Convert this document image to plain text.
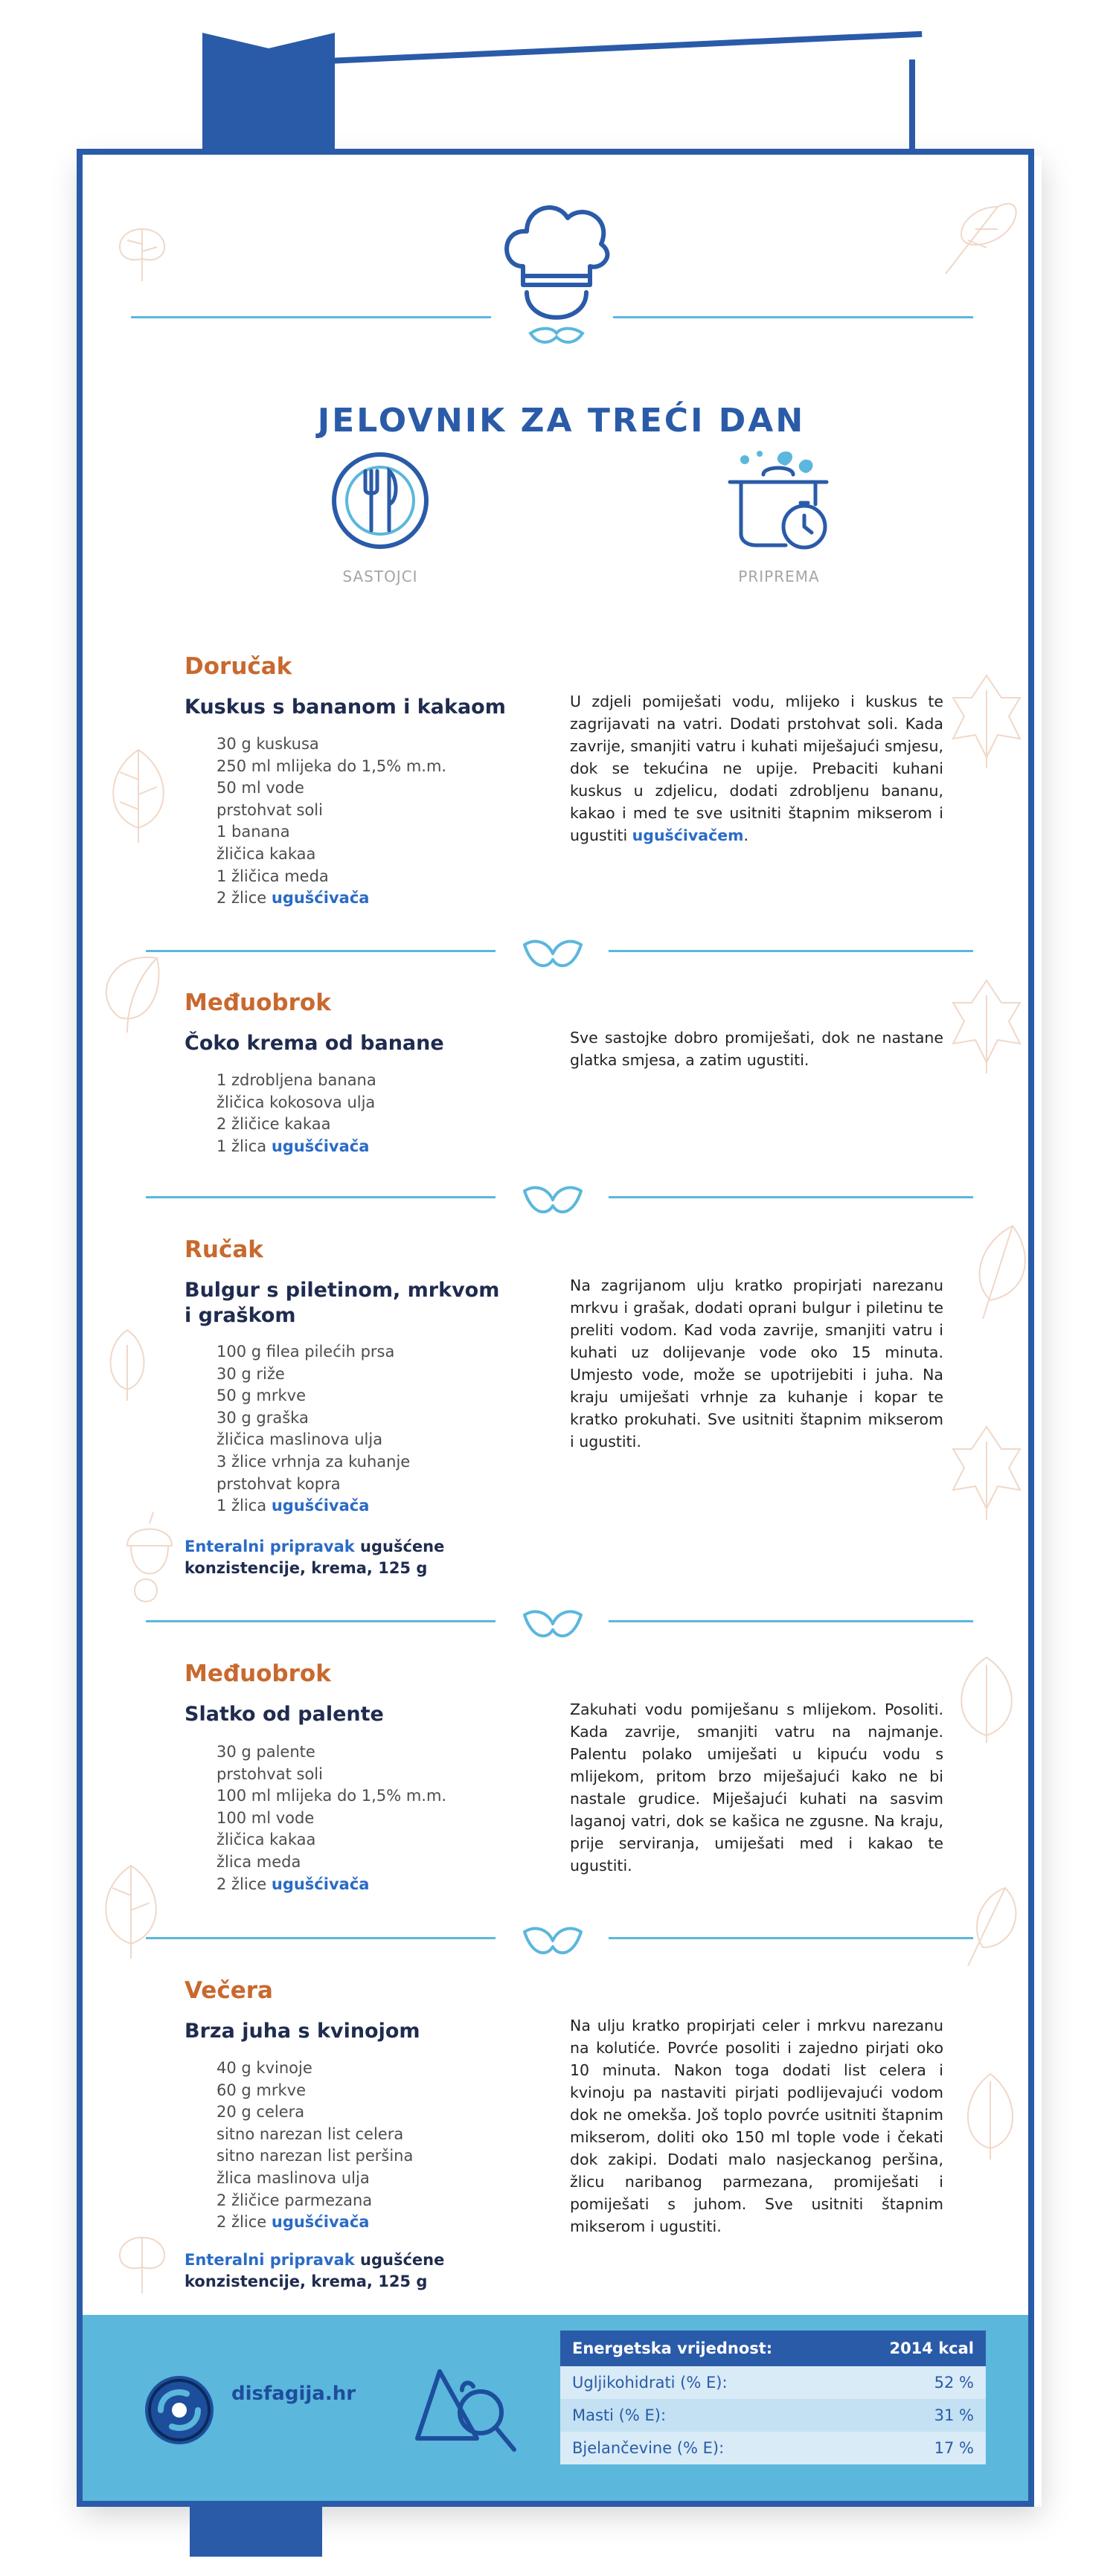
JELOVNIK ZA TREĆI DAN
SASTOJCI	PRIPREMA
Doručak
Kuskus s bananom i kakaom
30 g kuskusa
250 ml mlijeka do 1,5% m.m.
50 ml vode
prstohvat soli
1 banana
žličica kakaa
1 žličica meda
2 žlice ugušćivača
U zdjeli pomiješati vodu, mlijeko i kuskus te zagrijavati na vatri. Dodati prstohvat soli. Kada zavrije, smanjiti vatru i kuhati miješajući smjesu, dok se tekućina ne upije. Prebaciti kuhani kuskus u zdjelicu, dodati zdrobljenu bananu, kakao i med te sve usitniti štapnim mikserom i ugustiti ugušćivačem.
Međuobrok
Čoko krema od banane
1 zdrobljena banana
žličica kokosova ulja
2 žličice kakaa
1 žlica ugušćivača
Sve sastojke dobro promiješati, dok ne nastane glatka smjesa, a zatim ugustiti.
Ručak
Bulgur s piletinom, mrkvom i graškom
100 g filea pilećih prsa
30 g riže
50 g mrkve
30 g graška
žličica maslinova ulja
3 žlice vrhnja za kuhanje
prstohvat kopra
1 žlica ugušćivača
Enteralni pripravak ugušćene konzistencije, krema, 125 g
Na zagrijanom ulju kratko propirjati narezanu mrkvu i grašak, dodati oprani bulgur i piletinu te preliti vodom. Kad voda zavrije, smanjiti vatru i kuhati uz dolijevanje vode oko 15 minuta. Umjesto vode, može se upotrijebiti i juha. Na kraju umiješati vrhnje za kuhanje i kopar te kratko prokuhati. Sve usitniti štapnim mikserom i ugustiti.
Međuobrok
Slatko od palente
30 g palente
prstohvat soli
100 ml mlijeka do 1,5% m.m.
100 ml vode
žličica kakaa
žlica meda
2 žlice ugušćivača
Zakuhati vodu pomiješanu s mlijekom. Posoliti. Kada zavrije, smanjiti vatru na najmanje. Palentu polako umiješati u kipuću vodu s mlijekom, pritom brzo miješajući kako ne bi nastale grudice. Miješajući kuhati na sasvim laganoj vatri, dok se kašica ne zgusne. Na kraju, prije serviranja, umiješati med i kakao te ugustiti.
Večera
Brza juha s kvinojom
40 g kvinoje
60 g mrkve
20 g celera
sitno narezan list celera
sitno narezan list peršina
žlica maslinova ulja
2 žličice parmezana
2 žlice ugušćivača
Enteralni pripravak ugušćene konzistencije, krema, 125 g
Na ulju kratko propirjati celer i mrkvu narezanu na kolutiće. Povrće posoliti i zajedno pirjati oko 10 minuta. Nakon toga dodati list celera i kvinoju pa nastaviti pirjati podlijevajući vodom dok ne omekša. Još toplo povrće usitniti štapnim mikserom, doliti oko 150 ml tople vode i čekati dok zakipi. Dodati malo nasjeckanog peršina, žlicu naribanog parmezana, promiješati i pomiješati s juhom. Sve usitniti štapnim mikserom i ugustiti.
disfagija.hr
Energetska vrijednost:	2014 kcal
Ugljikohidrati (% E):	52 %
Masti (% E):	31 %
Bjelančevine (% E):	17 %
